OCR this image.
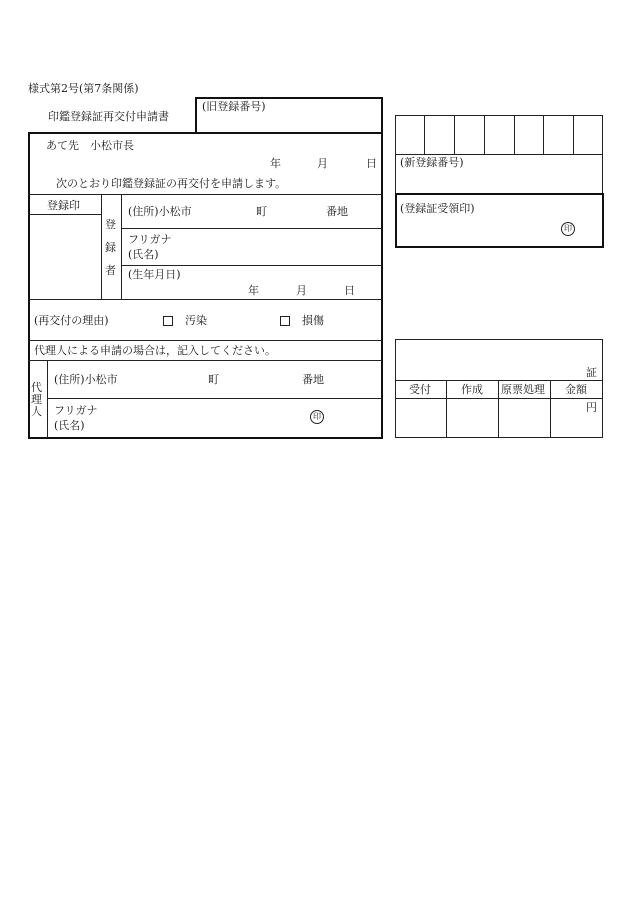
様式第2号(第7条関係)
印鑑登録証再交付申請書
(旧登録番号)
あて先　小松市長
年	月	日
次のとおり印鑑登録証の再交付を申請します。
登録印
登
録
者
(住所)小松市	町	番地
フリガナ
(氏名)
(生年月日)
年	月	日
(再交付の理由)	汚染	損傷
代理人による申請の場合は，記入してください。
代
理
人
(住所)小松市	町	番地
フリガナ
(氏名)
印
(新登録番号)
(登録証受領印)
印
証
受付	作成 原票処理 金額
円
